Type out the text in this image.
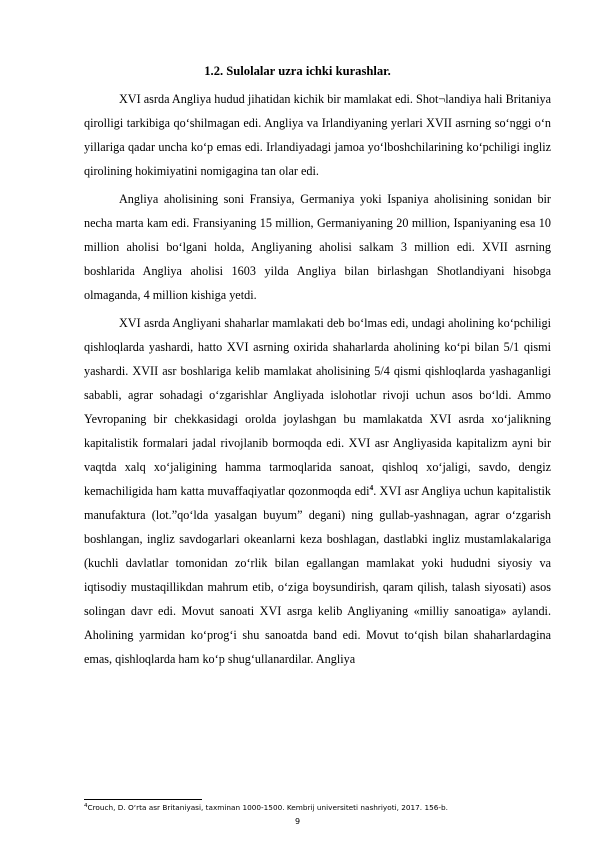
1.2. Sulolalar uzra ichki kurashlar.

XVI asrda Angliya hudud jihatidan kichik bir mamlakat edi. Shot¬landiya hali Britaniya qirolligi tarkibiga qo‘shilmagan edi. Angliya va Irlandiyaning yerlari XVII asrning so‘nggi o‘n yillariga qadar uncha ko‘p emas edi. Irlandiyadagi jamoa yo‘lboshchilarining ko‘pchiligi ingliz qirolining hokimiyatini nomigagina tan olar edi.

Angliya aholisining soni Fransiya, Germaniya yoki Ispaniya aholisining sonidan bir necha marta kam edi. Fransiyaning 15 million, Germaniyaning 20 million, Ispaniyaning esa 10 million aholisi bo‘lgani holda, Angliyaning aholisi salkam 3 million edi. XVII asrning boshlarida Angliya aholisi 1603 yilda Angliya bilan birlashgan Shotlandiyani hisobga olmaganda, 4 million kishiga yetdi.

XVI asrda Angliyani shaharlar mamlakati deb bo‘lmas edi, undagi aholining ko‘pchiligi qishloqlarda yashardi, hatto XVI asrning oxirida shaharlarda aholining ko‘pi bilan 5/1 qismi yashardi. XVII asr boshlariga kelib mamlakat aholisining 5/4 qismi qishloqlarda yashaganligi sababli, agrar sohadagi o‘zgarishlar Angliyada islohotlar rivoji uchun asos bo‘ldi. Ammo Yevropaning bir chekkasidagi orolda joylashgan bu mamlakatda XVI asrda xo‘jalikning kapitalistik formalari jadal rivojlanib bormoqda edi. XVI asr Angliyasida kapitalizm ayni bir vaqtda xalq xo‘jaligining hamma tarmoqlarida sanoat, qishloq xo‘jaligi, savdo, dengiz kemachiligida ham katta muvaffaqiyatlar qozonmoqda edi$^4$. XVI asr Angliya uchun kapitalistik manufaktura (lot.”qo‘lda yasalgan buyum” degani) ning gullab-yashnagan, agrar o‘zgarish boshlangan, ingliz savdogarlari okeanlarni keza boshlagan, dastlabki ingliz mustamlakalariga (kuchli davlatlar tomonidan zo‘rlik bilan egallangan mamlakat yoki hududni siyosiy va iqtisodiy mustaqillikdan mahrum etib, o‘ziga boysundirish, qaram qilish, talash siyosati) asos solingan davr edi. Movut sanoati XVI asrga kelib Angliyaning «milliy sanoatiga» aylandi. Aholining yarmidan ko‘prog‘i shu sanoatda band edi. Movut to‘qish bilan shaharlardagina emas, qishloqlarda ham ko‘p shug‘ullanardilar. Angliya

$^4$Crouch, D. O‘rta asr Britaniyasi, taxminan 1000-1500. Kembrij universiteti nashriyoti, 2017. 156-b.
9
